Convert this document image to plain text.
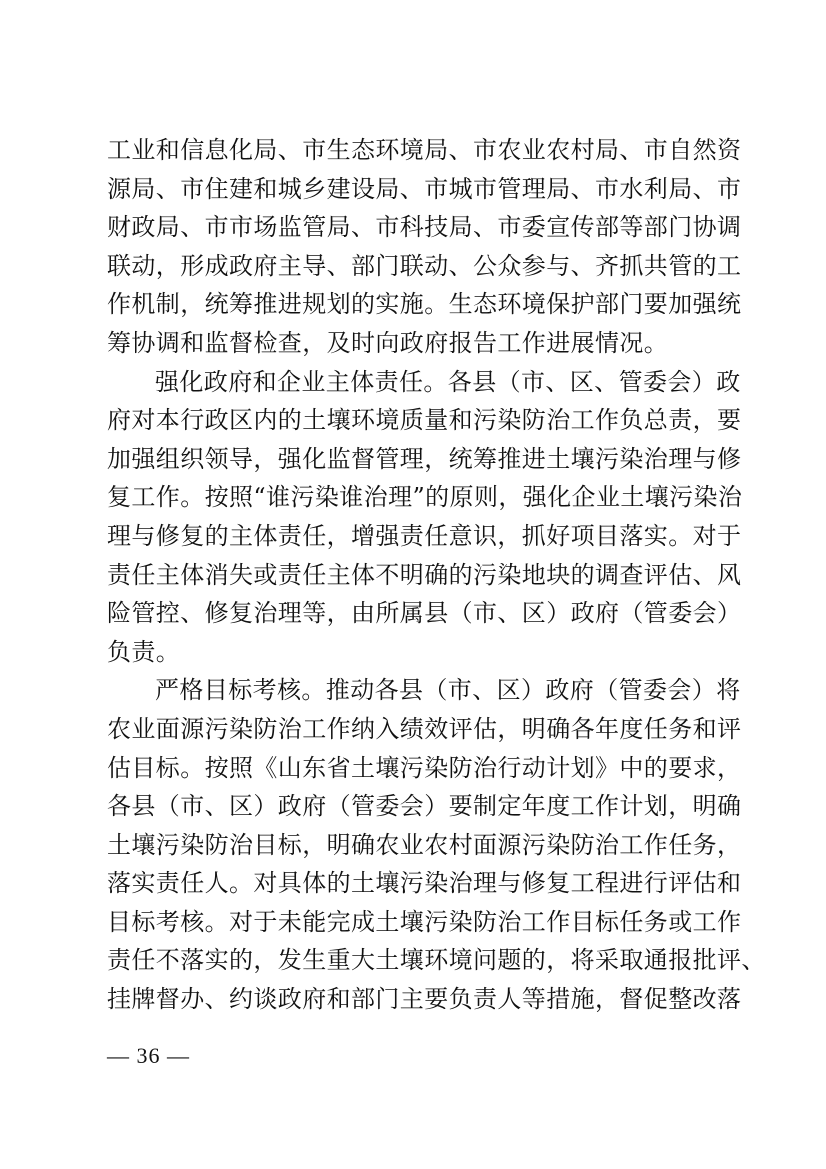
工业和信息化局、市生态环境局、市农业农村局、市自然资
源局、市住建和城乡建设局、市城市管理局、市水利局、市
财政局、市市场监管局、市科技局、市委宣传部等部门协调
联动，形成政府主导、部门联动、公众参与、齐抓共管的工
作机制，统筹推进规划的实施。生态环境保护部门要加强统
筹协调和监督检查，及时向政府报告工作进展情况。
强化政府和企业主体责任。各县（市、区、管委会）政
府对本行政区内的土壤环境质量和污染防治工作负总责，要
加强组织领导，强化监督管理，统筹推进土壤污染治理与修
复工作。按照“谁污染谁治理”的原则，强化企业土壤污染治
理与修复的主体责任，增强责任意识，抓好项目落实。对于
责任主体消失或责任主体不明确的污染地块的调查评估、风
险管控、修复治理等，由所属县（市、区）政府（管委会）
负责。
严格目标考核。推动各县（市、区）政府（管委会）将
农业面源污染防治工作纳入绩效评估，明确各年度任务和评
估目标。按照《山东省土壤污染防治行动计划》中的要求，
各县（市、区）政府（管委会）要制定年度工作计划，明确
土壤污染防治目标，明确农业农村面源污染防治工作任务，
落实责任人。对具体的土壤污染治理与修复工程进行评估和
目标考核。对于未能完成土壤污染防治工作目标任务或工作
责任不落实的，发生重大土壤环境问题的，将采取通报批评、
挂牌督办、约谈政府和部门主要负责人等措施，督促整改落
— 36 —
